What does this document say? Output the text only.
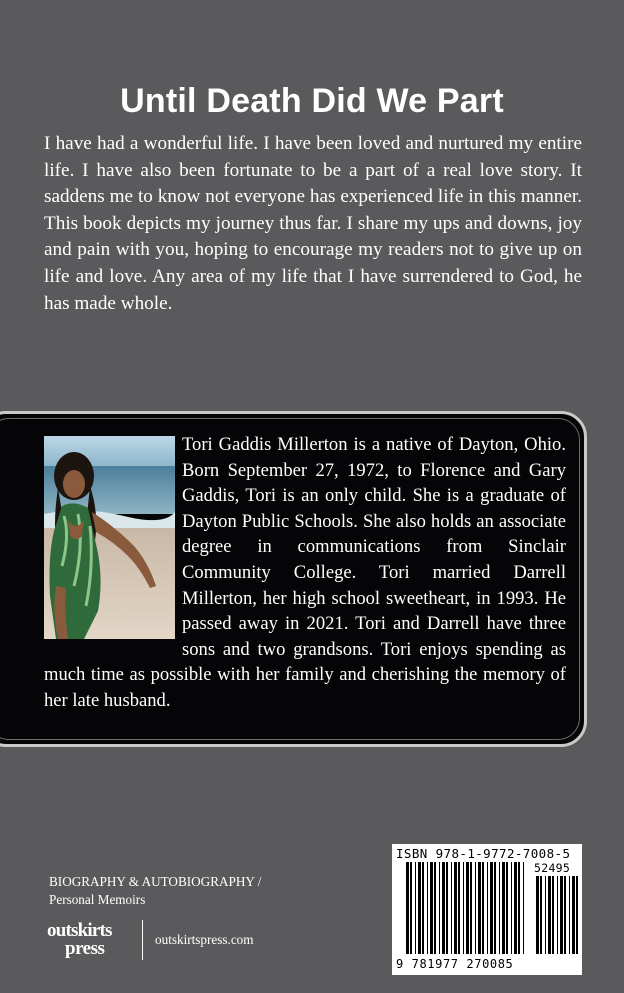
Until Death Did We Part
I have had a wonderful life. I have been loved and nurtured my entire life. I have also been fortunate to be a part of a real love story. It saddens me to know not everyone has experienced life in this manner. This book depicts my journey thus far. I share my ups and downs, joy and pain with you, hoping to encourage my readers not to give up on life and love. Any area of my life that I have surrendered to God, he has made whole.
Tori Gaddis Millerton is a native of Dayton, Ohio. Born September 27, 1972, to Florence and Gary Gaddis, Tori is an only child. She is a graduate of Dayton Public Schools. She also holds an associate degree in communications from Sinclair Community College. Tori married Darrell Millerton, her high school sweetheart, in 1993. He passed away in 2021. Tori and Darrell have three sons and two grandsons. Tori enjoys spending as much time as possible with her family and cherishing the memory of her late husband.
BIOGRAPHY & AUTOBIOGRAPHY /
Personal Memoirs
outskirts
press	outskirtspress.com
ISBN 978-1-9772-7008-5
52495
9 781977 270085
